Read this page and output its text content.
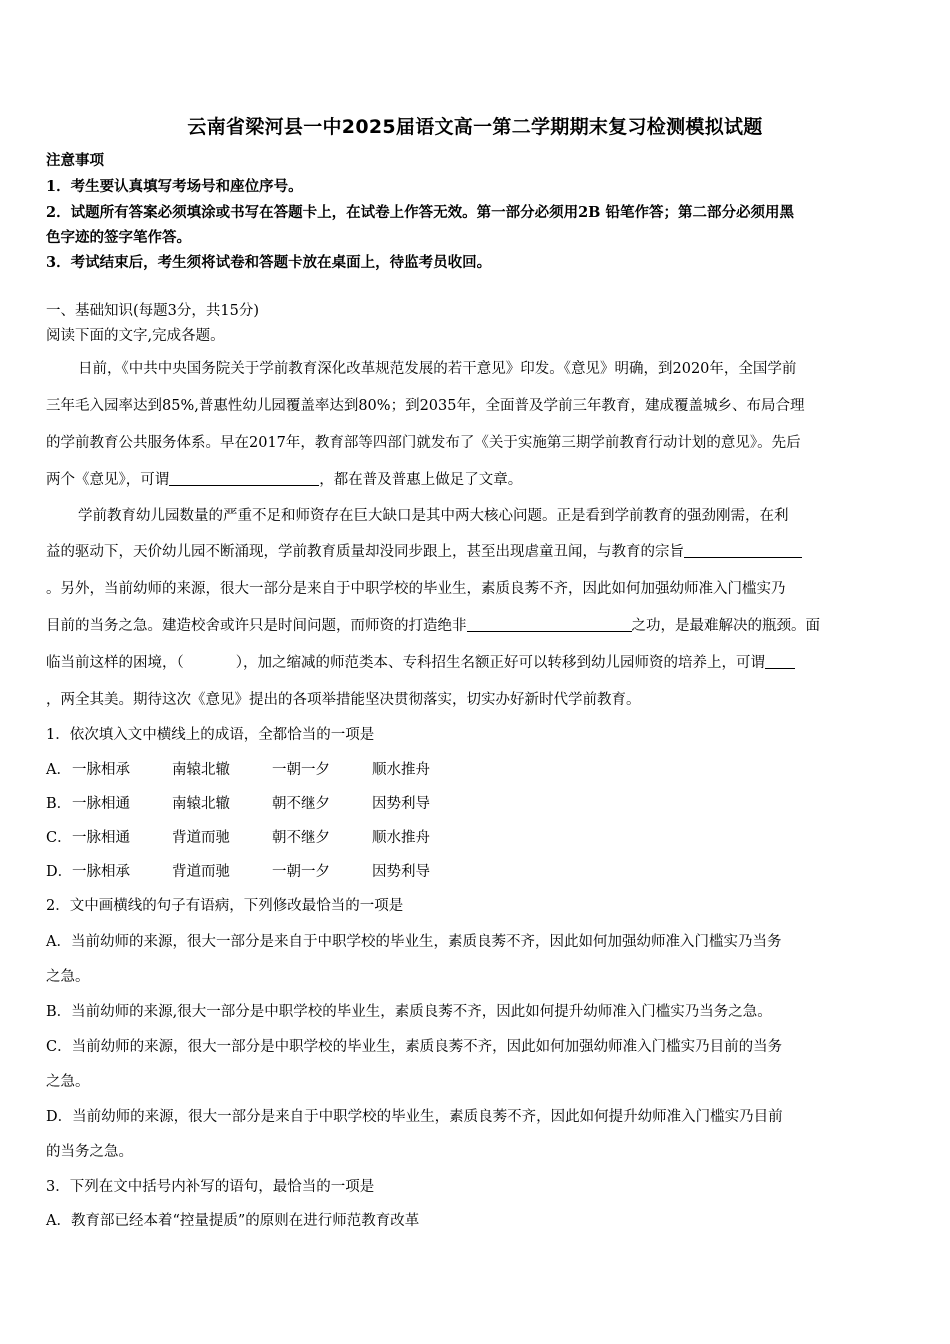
云南省梁河县一中2025届语文高一第二学期期末复习检测模拟试题
注意事项
1．考生要认真填写考场号和座位序号。
2．试题所有答案必须填涂或书写在答题卡上，在试卷上作答无效。第一部分必须用2B 铅笔作答；第二部分必须用黑
色字迹的签字笔作答。
3．考试结束后，考生须将试卷和答题卡放在桌面上，待监考员收回。
一、基础知识(每题3分，共15分)
阅读下面的文字,完成各题。
日前，《中共中央国务院关于学前教育深化改革规范发展的若干意见》印发。《意见》明确，到2020年，全国学前
三年毛入园率达到85%,普惠性幼儿园覆盖率达到80%；到2035年，全面普及学前三年教育，建成覆盖城乡、布局合理
的学前教育公共服务体系。早在2017年，教育部等四部门就发布了《关于实施第三期学前教育行动计划的意见》。先后
两个《意见》，可谓	，都在普及普惠上做足了文章。
学前教育幼儿园数量的严重不足和师资存在巨大缺口是其中两大核心问题。正是看到学前教育的强劲刚需，在利
益的驱动下，天价幼儿园不断涌现，学前教育质量却没同步跟上，甚至出现虐童丑闻，与教育的宗旨
。另外，当前幼师的来源，很大一部分是来自于中职学校的毕业生，素质良莠不齐，因此如何加强幼师准入门槛实乃
目前的当务之急。建造校舍或许只是时间问题，而师资的打造绝非	之功，是最难解决的瓶颈。面
临当前这样的困境，（	），加之缩减的师范类本、专科招生名额正好可以转移到幼儿园师资的培养上，可谓
，两全其美。期待这次《意见》提出的各项举措能坚决贯彻落实，切实办好新时代学前教育。
1．依次填入文中横线上的成语，全都恰当的一项是
A．一脉相承	南辕北辙	一朝一夕	顺水推舟
B．一脉相通	南辕北辙	朝不继夕	因势利导
C．一脉相通	背道而驰	朝不继夕	顺水推舟
D．一脉相承	背道而驰	一朝一夕	因势利导
2．文中画横线的句子有语病，下列修改最恰当的一项是
A．当前幼师的来源，很大一部分是来自于中职学校的毕业生，素质良莠不齐，因此如何加强幼师准入门槛实乃当务
之急。
B．当前幼师的来源,很大一部分是中职学校的毕业生，素质良莠不齐，因此如何提升幼师准入门槛实乃当务之急。
C．当前幼师的来源，很大一部分是中职学校的毕业生，素质良莠不齐，因此如何加强幼师准入门槛实乃目前的当务
之急。
D．当前幼师的来源，很大一部分是来自于中职学校的毕业生，素质良莠不齐，因此如何提升幼师准入门槛实乃目前
的当务之急。
3．下列在文中括号内补写的语句，最恰当的一项是
A．教育部已经本着“控量提质”的原则在进行师范教育改革
